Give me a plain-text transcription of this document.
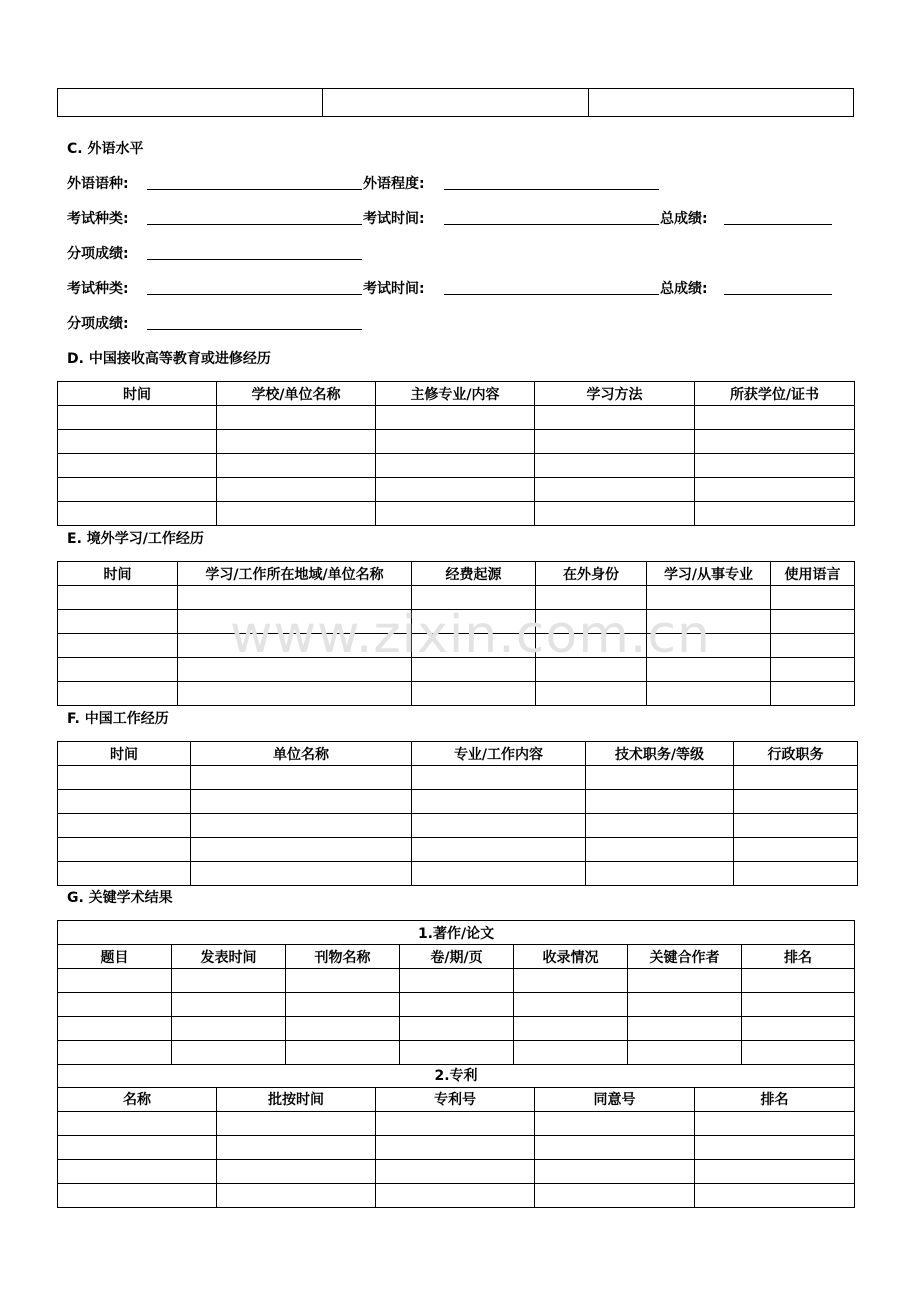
C. 外语水平
外语语种:	外语程度:
考试种类:	考试时间:	总成绩:
分项成绩:
考试种类:	考试时间:	总成绩:
分项成绩:
D. 中国接收高等教育或进修经历
时间	学校/单位名称	主修专业/内容	学习方法	所获学位/证书

E. 境外学习/工作经历
时间	学习/工作所在地域/单位名称	经费起源	在外身份	学习/从事专业	使用语言

www.zixin.com.cn
F. 中国工作经历
时间	单位名称	专业/工作内容	技术职务/等级	行政职务

G. 关键学术结果
1.著作/论文						
题目	发表时间	刊物名称	卷/期/页	收录情况	关键合作者	排名

2.专利				
名称	批按时间	专利号	同意号	排名
